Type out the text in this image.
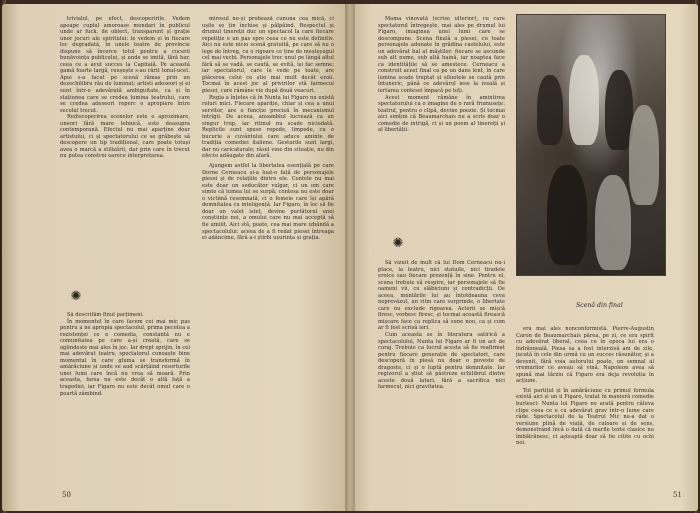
trivialul, pe efect, descoperirile. Vedem apoape cuplul amoroase mondari în publicul unde ar fuck, de obiect, transparent și grație unor jocuri ale spiritului: le vedem și în fiecare loc degradată, în unele teatre de provincie dispune să încerce totul pentru a cucerii bunăvoința publicului, și unde se imită, fără har, ceea ce a avut succes la Capitală. Pe această gamă foarte largă, reușește s-au rărit tonul-ucet. Apoi s-a facut pe scenă rămas prin un dezechilibru rău de luminat; artisti adeseori și ei sunt într-o adevărată ambiguitate, ca și în stațiunea care se credea lumina teatrului, care se credea adeseori reperc o apropiere între secolul trecut.

Rediscoperirea scenelor este o aproximare, uneori fără mare tehnică, este deasupra contemporană. Efectul nu mai aparține doar artistului, ci și spectatorului ce se grăbește să descopere un tip tradițional, care poate totuși avea o marcă a stilizării, dar prin care în trecut nu putea construi oarece interpretarea.

✺

Să descrifăm finul parțimeni.

În momentul în care facem cei mai mic pas pentru a ne apropia spectacolul, prima pecetea a rezistenței ce e comedia, constantă nu e comunitatea pe care a-și creată, care se oglindeste mai ales în joc. Iar drept sprijin, în cel mai adevărat teatru, spectatorul cunoaște bine momentul în care gluma se transformă în amărăciune și unde se aud scârțâind resorturile unei lumi care încă nu vrea să moară. Prin aceasta, farsa nu este decât o altă față a tragediei, iar Figaro nu este decât omul care o poartă zâmbind.

mirosul nu-și probează cununa cea mică, ci ușile se țin închise și pâlpâind. Respectul și drumul tinereții duc un spectacol la care fiecare repetiție e un pas spre ceea ce nu este definitiv. Aici nu este nicio scenă gratuită, pe care să nu o lege de întreg, cu o rigoare ce ține de meșteșugul cel mai vechi. Personajele trec unul pe lângă altul fără să se vadă, se caută, se evită, își fac semne; iar spectatorul, care le vede pe toate, are plăcerea celui ce știe mai mult decât eroii. Tocmai în acest joc al privirilor stă farmecul piesei, care rămâne vie după două veacuri.

Regia a înțeles că în Nunta lui Figaro nu există roluri mici. Fiecare apariție, chiar și cea a unui servitor, are o funcție precisă în mecanismul intrigii. De aceea, ansamblul lucrează ca un singur trup, iar ritmul nu scade niciodată. Replicile sunt spuse repede, limpede, cu o bucurie a cuvântului care aduce aminte de tradiția comediei italiene. Gesturile sunt largi, dar nu caricaturale; râsul vine din situație, nu din efecte adăugate din afară.

Ajungem astfel la libertatea esențială pe care Dorne Cerneacu și-a luat-o față de personajele piesei și de relațiile dintre ele. Contele nu mai este doar un seducător vulgar, ci un om care simte că lumea lui se surpă; contesa nu este doar o victimă resemnată, ci o femeie care își apără demnitatea cu inteligență. Iar Figaro, în loc să fie doar un valet isteț, devine purtătorul unei conștiințe noi, a omului care nu mai acceptă să fie umilit. Aici stă, poate, cea mai mare izbândă a spectacolului: aceea de a fi redat piesei întreaga ei adâncime, fără a-i știrbi ușurința și grația.

50

Mama vinovată (scrise ulterior), cu care spectatorul întregește, mai ales pe drumul lui Figaro, imaginea unei lumi care se descompune. Scena finală a piesei, cu toate personajele adunate în grădina castelului, este un adevărat bal al măștilor: fiecare se ascunde sub alt nume, sub altă haină, iar noaptea face ca identitățile să se amestece. Cerneacu a construit acest final ca pe un dans lent, în care lumina scade treptat și siluetele se caută prin întuneric, până ce adevărul iese la iveală și iertarea contesei împacă pe toți.

Acest moment rămâne în amintirea spectatorului ca o imagine de o rară frumusețe: teatrul, pentru o clipă, devine poezie. Și tocmai aici simțim că Beaumarchais nu a scris doar o comedie de intrigă, ci și un poem al tinereții și al libertății.

Scenă din final
✺

Să vizuit de mult că lui Dom Cerneacu nu-i place, la teatru, nici statuile, nici tiradele eroice sau fiecare prezență în sine. Pentru el, scena trebuie să respire, iar personajele să fie oameni vii, cu slăbiciuni și contradicții. De aceea, montările lui au întotdeauna ceva neprevăzut, un ritm care surprinde, o libertate care nu exclude rigoarea. Actorii se mișcă firesc, vorbesc firesc, și tocmai această firească mișcare face ca replica să sune nou, ca și cum ar fi fost scrisă ieri.

Cum aceasta se în literatura satirică a spectacolului, Nunta lui Figaro ar fi un act de curaj. Trebuie ca lucrul acesta să fie reafirmat pentru fiecare generație de spectatori, care descoperă în piesă nu doar o poveste de dragoste, ci și o luptă pentru demnitate. Iar regizorul a știut să păstreze echilibrul dintre aceste două laturi, fără a sacrifica nici farmecul, nici gravitatea.

era mai ales nonconformistă. Pierre-Augustin Caron de Beaumarchais părea, pe zi, ce era spirit cu adevărat liberal, ceea ce în epoca lui era o îndrăzneală. Piesa sa a fost interzisă ani de zile, jucată în cele din urmă cu un succes răsunător, și a devenit, fără voia autorului poate, un semnal al vremurilor ce aveau să vină. Napoleon avea să spună mai târziu că Figaro era deja revoluția în acțiune.

Tot partițul și în amărăciune cu primul formula există aici și un ii Figaro, tratat în manieră comedie burlesci: Nunta lui Figaro ne arată pentru câteva clipe ceea ce e cu adevărat grav într-o lume care râde. Spectacolul de la Teatrul Mic ne-a dat o versiune plină de viață, de culoare și de sens, demonstrând încă o dată că marile texte clasice nu îmbătrânesc, ci așteaptă doar să fie citite cu ochi noi.

51
